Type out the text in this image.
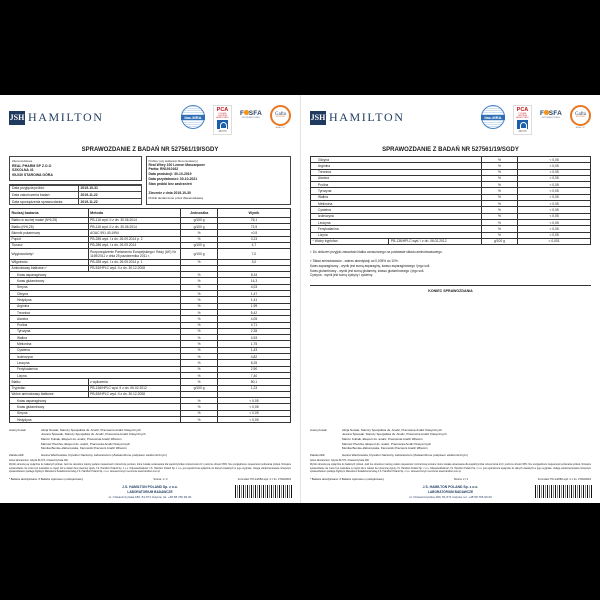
JSH HAMILTON	ilac-MRA
PCA
POLSKIE CENTRUM AKREDYTACJI
AB 079
F SFA
INTERNATIONAL
Gafta
APPROVED
ANALYST
SPRAWOZDANIE Z BADAŃ NR 527561/19/SGDY
Zleceniodawca
REAL PHARM SP Z.O.O
SZKOLNA 41
95-030 STAROWA GÓRA
Data przyjęcia próbki:	2019-10-31
Data zakończenia badań:	2019-11-22
Data sporządzenia sprawozdania:	2019-11-22
Próbka: (wg deklaracji Zleceniodawcy)
Real Whey 100 Lemon Mascarpone
Partia: RN1910162
Data produkcji: 30-10-2019
Data przydatności: 30-10-2021
Stan próbki bez zastrzeżeń
Zlecenie z dnia 2019-10-30
Próbki dostarczone przez Zleceniodawcę
Rodzaj badania	Metoda	Jednostka	Wynik
Białko w suchej masie (N*6,25)	PB-116 wyd. II z dn. 30.06.2014	g/100 g	76,1
Białko (N*6,25)	PB-116 wyd. II z dn. 30.06.2014	g/100 g	72,5
Błonnik pokarmowy	AOAC 991.43:1994	%	<0,5
Popiół	PB-285 wyd. I z dn. 26.09.2014 p. 2	%	3,23
Tłuszcz	PB-286 wyd. I z dn. 26.09.2014	g/100 g	4,7
Węglowodany¹⁾	Rozporządzenie Parlamentu Europejskiego i Rady (UE) Nr 1169/2011 z dnia 25 października 2011 r.	g/100 g	7,0
Wilgotność	PB-285 wyd. I z dn. 26.09.2014 p. 1	%	3,0
Aminokwasy białkowe:²⁾	PB-53/HPLC wyd. II z dn. 30.12.2008		
Kwas asparaginowy		%	8,34
Kwas glutaminowy		%	14,3
Seryna		%	4,03
Glicyna		%	1,47
Histydyna		%	1,41
Arginina		%	1,99
Treonina		%	5,42
Alanina		%	4,05
Prolina		%	4,71
Tyrozyna		%	2,35
Walina		%	4,93
Metionina		%	1,75
Cysteina		%	1,43
Izoleucyna		%	4,82
Leucyna		%	8,25
Fenyloalanina		%	2,90
Lizyna		%	7,40
Białko	z wyliczenia	%	80,1
Tryptofan	PB-136/HPLC wyd. II z dn. 06.02.2012	g/100 g	1,23
Wolne aminokwasy białkowe	PB-53/HPLC wyd. II z dn. 30.12.2008		
Kwas asparaginowy		%	< 0,05
Kwas glutaminowy		%	< 0,05
Seryna		%	< 0,05
Histydyna		%	< 0,05
Autoryzował:	Alicja Nowak, Starszy Specjalista ds. Analiz, Pracownia Analiz Klasycznych
Joanna Śpiewak, Starszy Specjalista ds. Analiz, Pracownia Analiz Klasycznych
Marcin Kubiak, Ekspert ds. analiz, Pracownia Analiz Witamin
Mariusz Pieczka, Ekspert ds. analiz, Pracownia Analiz Klasycznych
Monika Bemke-Zaborowska, Kierownik Pracowni Analiz Witamin
Zatwierdził:	Hanna Wachowska, Dyrektor Naczelny Laboratorium (Zatwierdzone podpisem elektronicznym)
Adres laboratorium: Gdynia 81-571, Chwaszczyńska 180
Wyniki odnoszą się wyłącznie do badanych próbek. Jeśli nie określono inaczej podano niepewność rozszerzoną pomiaru, która została oszacowana dla współczynnika rozszerzenia k=2 i poziomu ufności 95%. Nie uwzględniono niepewności pobierania próbek. Niniejsze sprawozdanie nie może być powielane w części lub w całości bez pisemnej zgody J.S. Hamilton Poland Sp. z o.o. Odpowiedzialność J.S. Hamilton Poland Sp. z o.o. jest ograniczona wyłącznie do danych zawartych w jego oryginale. Usługa udokumentowana niniejszym sprawozdaniem podlega Ogólnym Warunkom Świadczenia Usług J.S. Hamilton Poland Sp. z o.o. zamieszczonym na stronie www.hamilton.com.pl
* Badanie akredytowane; # Badanie wykonane u podwykonawcy	Strona: 1 / 2	Formularz PO-14/08d wyd. 2 z dn. 27/02/2019
J.S. HAMILTON POLAND Sp. z o.o.
LABORATORIUM BADAWCZE
ul. Chwaszczyńska 180, 81-571 Gdynia, tel. +48 58 766 99 00
JSH HAMILTON	ilac-MRA
PCA
POLSKIE CENTRUM AKREDYTACJI
AB 079
F SFA
INTERNATIONAL
Gafta
APPROVED
ANALYST
SPRAWOZDANIE Z BADAŃ NR 527561/19/SGDY
Glicyna		%	< 0,05
Arginina		%	< 0,05
Treonina		%	< 0,05
Alanina		%	< 0,05
Prolina		%	< 0,05
Tyrozyna		%	< 0,05
Walina		%	< 0,05
Metionina		%	< 0,05
Cysteina		%	< 0,05
Izoleucyna		%	< 0,05
Leucyna		%	< 0,05
Fenyloalanina		%	< 0,05
Lizyna		%	< 0,05
* Wolny tryptofan	PB-136/HPLC wyd. I z dn. 06.02.2012	g/100 g	< 0,001
¹⁾ Do obliczeń przyjęto zawartość białka oznaczonego na podstawie składu aminokwasowego.
²⁾ Skład aminokwasów - zakres akredytacji od 0,005% do 10%.
Kwas asparaginowy - wynik jest sumą asparaginy, kwasu asparaginowego i jego soli.
Kwas glutaminowy - wynik jest sumą glutaminy, kwasu glutaminowego i jego soli.
Cystyna - wynik jest sumą cystyny i cysteiny.
KONIEC SPRAWOZDANIA
Autoryzował:	Alicja Nowak, Starszy Specjalista ds. Analiz, Pracownia Analiz Klasycznych
Joanna Śpiewak, Starszy Specjalista ds. Analiz, Pracownia Analiz Klasycznych
Marcin Kubiak, Ekspert ds. analiz, Pracownia Analiz Witamin
Mariusz Pieczka, Ekspert ds. analiz, Pracownia Analiz Klasycznych
Monika Bemke-Zaborowska, Kierownik Pracowni Analiz Witamin
Zatwierdził:	Hanna Wachowska, Dyrektor Naczelny Laboratorium (Zatwierdzone podpisem elektronicznym)
Adres laboratorium: Gdynia 81-571, Chwaszczyńska 180
Wyniki odnoszą się wyłącznie do badanych próbek. Jeśli nie określono inaczej podano niepewność rozszerzoną pomiaru, która została oszacowana dla współczynnika rozszerzenia k=2 i poziomu ufności 95%. Nie uwzględniono niepewności pobierania próbek. Niniejsze sprawozdanie nie może być powielane w części lub w całości bez pisemnej zgody J.S. Hamilton Poland Sp. z o.o. Odpowiedzialność J.S. Hamilton Poland Sp. z o.o. jest ograniczona wyłącznie do danych zawartych w jego oryginale. Usługa udokumentowana niniejszym sprawozdaniem podlega Ogólnym Warunkom Świadczenia Usług J.S. Hamilton Poland Sp. z o.o. zamieszczonym na stronie www.hamilton.com.pl
* Badanie akredytowane; # Badanie wykonane u podwykonawcy	Strona: 2 / 2	Formularz PO-14/08d wyd. 2 z dn. 27/02/2019
J.S. HAMILTON POLAND Sp. z o.o.
LABORATORIUM BADAWCZE
ul. Chwaszczyńska 180, 81-571 Gdynia, tel. +48 58 766 99 00
